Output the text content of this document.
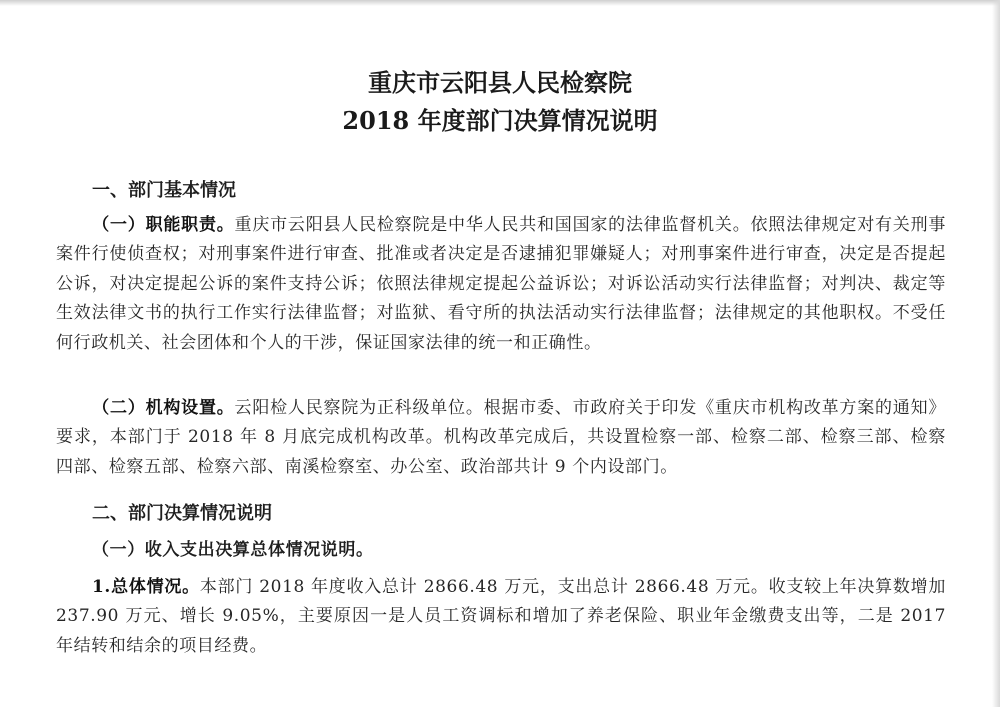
重庆市云阳县人民检察院
2018 年度部门决算情况说明
一、部门基本情况
（一）职能职责。重庆市云阳县人民检察院是中华人民共和国国家的法律监督机关。依照法律规定对有关刑事案件行使侦查权；对刑事案件进行审查、批准或者决定是否逮捕犯罪嫌疑人；对刑事案件进行审查，决定是否提起公诉，对决定提起公诉的案件支持公诉；依照法律规定提起公益诉讼；对诉讼活动实行法律监督；对判决、裁定等生效法律文书的执行工作实行法律监督；对监狱、看守所的执法活动实行法律监督；法律规定的其他职权。不受任何行政机关、社会团体和个人的干涉，保证国家法律的统一和正确性。
（二）机构设置。云阳检人民察院为正科级单位。根据市委、市政府关于印发《重庆市机构改革方案的通知》要求，本部门于 2018 年 8 月底完成机构改革。机构改革完成后，共设置检察一部、检察二部、检察三部、检察四部、检察五部、检察六部、南溪检察室、办公室、政治部共计 9 个内设部门。
二、部门决算情况说明
（一）收入支出决算总体情况说明。
1.总体情况。本部门 2018 年度收入总计 2866.48 万元，支出总计 2866.48 万元。收支较上年决算数增加 237.90 万元、增长 9.05%，主要原因一是人员工资调标和增加了养老保险、职业年金缴费支出等，二是 2017 年结转和结余的项目经费。
